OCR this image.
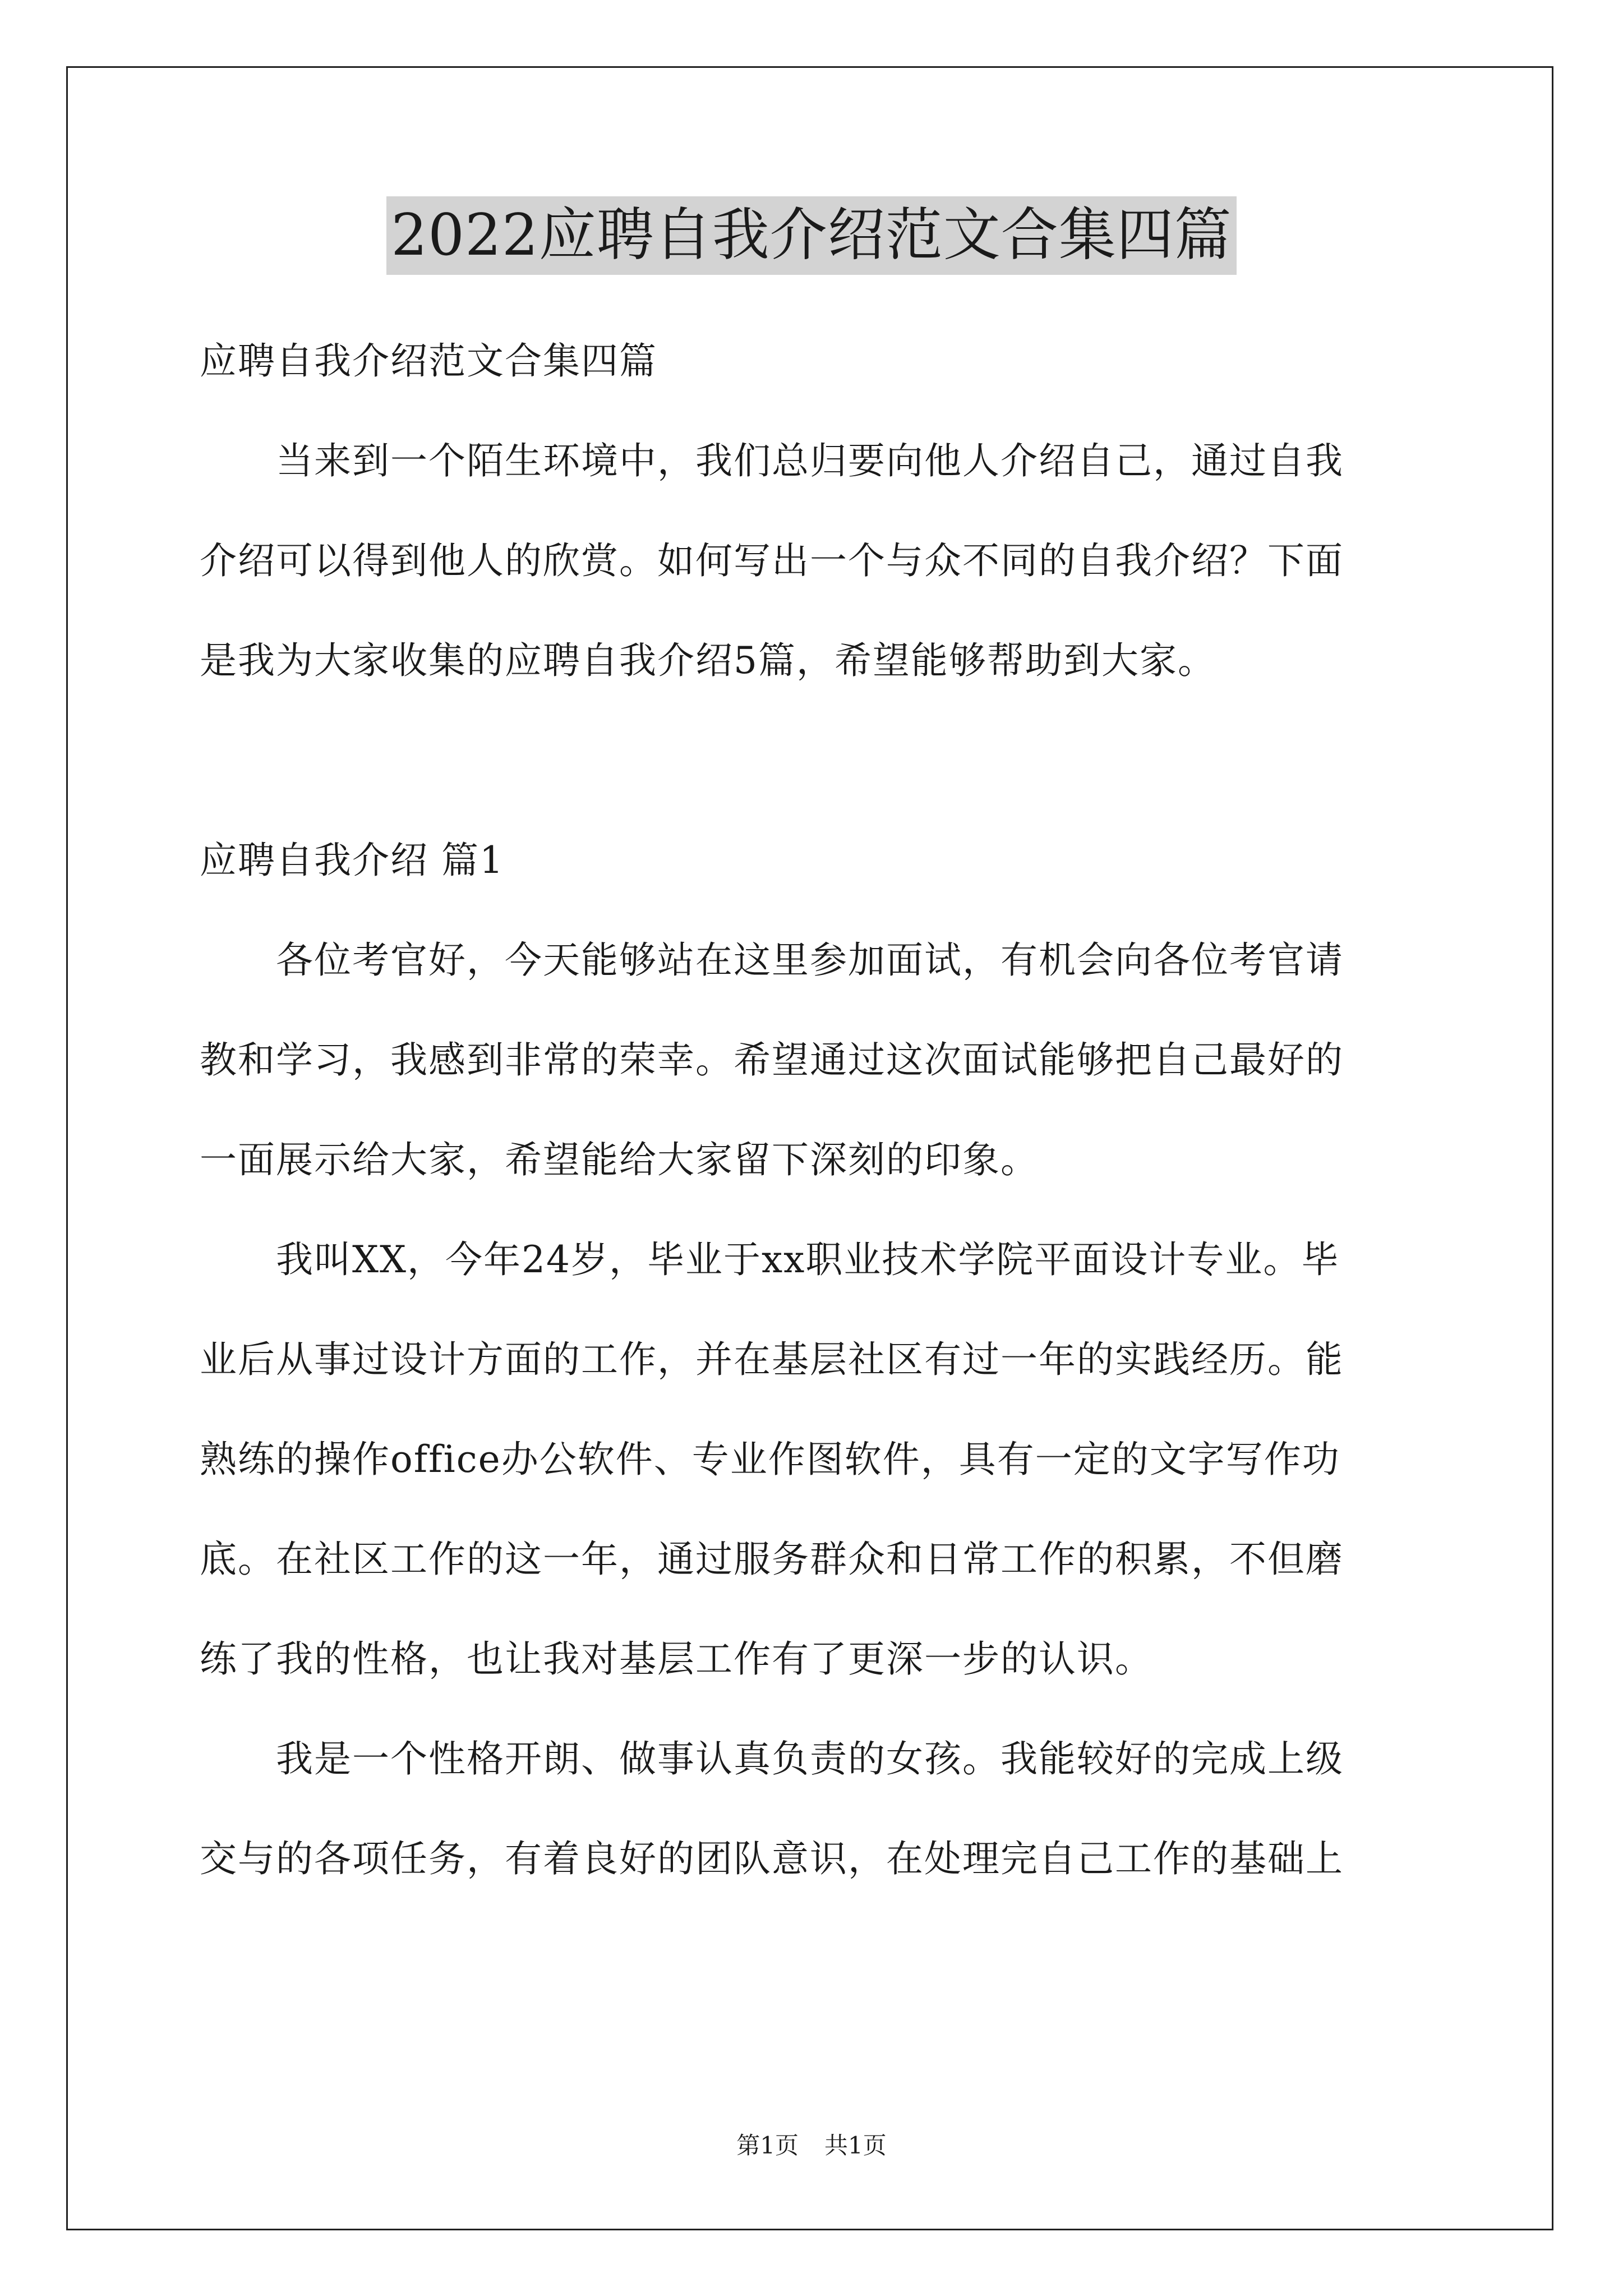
2022应聘自我介绍范文合集四篇
应聘自我介绍范文合集四篇
　　当来到一个陌生环境中，我们总归要向他人介绍自己，通过自我
介绍可以得到他人的欣赏。如何写出一个与众不同的自我介绍？下面
是我为大家收集的应聘自我介绍5篇，希望能够帮助到大家。
应聘自我介绍 篇1
　　各位考官好，今天能够站在这里参加面试，有机会向各位考官请
教和学习，我感到非常的荣幸。希望通过这次面试能够把自己最好的
一面展示给大家，希望能给大家留下深刻的印象。
　　我叫XX，今年24岁，毕业于xx职业技术学院平面设计专业。毕
业后从事过设计方面的工作，并在基层社区有过一年的实践经历。能
熟练的操作office办公软件、专业作图软件，具有一定的文字写作功
底。在社区工作的这一年，通过服务群众和日常工作的积累，不但磨
练了我的性格，也让我对基层工作有了更深一步的认识。
　　我是一个性格开朗、做事认真负责的女孩。我能较好的完成上级
交与的各项任务，有着良好的团队意识，在处理完自己工作的基础上
第1页 共1页
